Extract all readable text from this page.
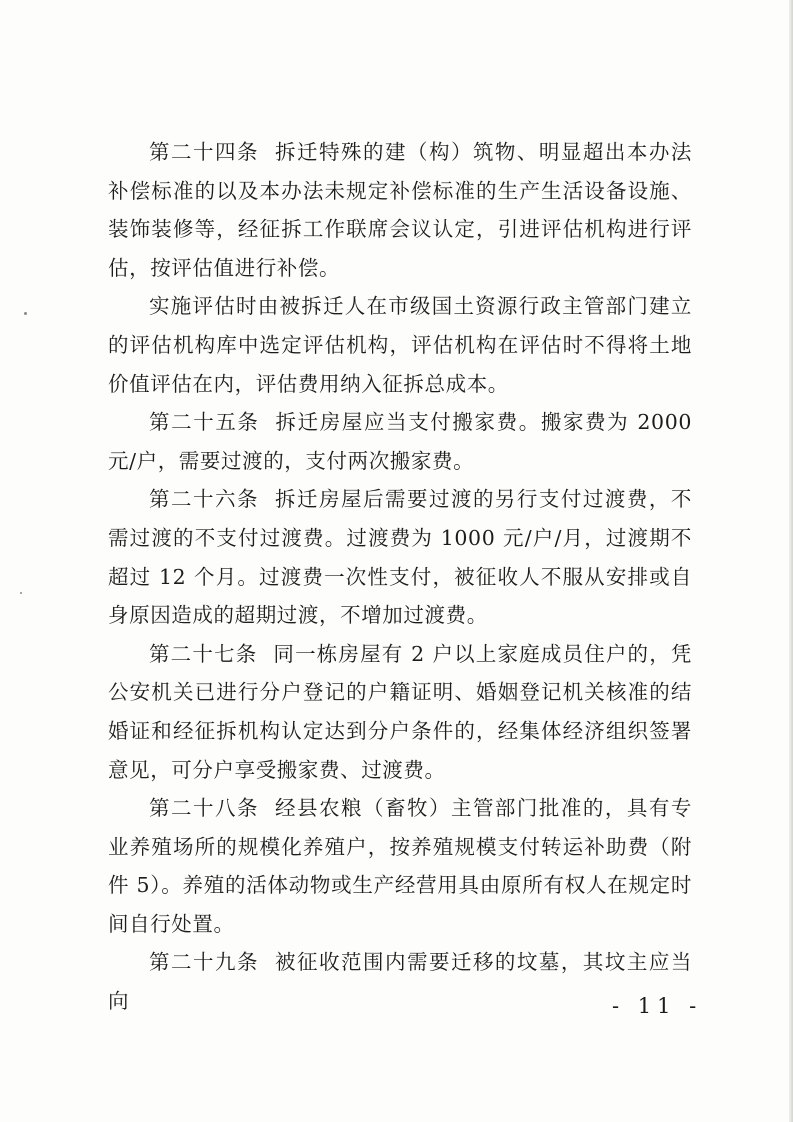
第二十四条 拆迁特殊的建（构）筑物、明显超出本办法补偿标准的以及本办法未规定补偿标准的生产生活设备设施、装饰装修等，经征拆工作联席会议认定，引进评估机构进行评估，按评估值进行补偿。

实施评估时由被拆迁人在市级国土资源行政主管部门建立的评估机构库中选定评估机构，评估机构在评估时不得将土地价值评估在内，评估费用纳入征拆总成本。

第二十五条 拆迁房屋应当支付搬家费。搬家费为 2000 元/户，需要过渡的，支付两次搬家费。

第二十六条 拆迁房屋后需要过渡的另行支付过渡费，不需过渡的不支付过渡费。过渡费为 1000 元/户/月，过渡期不超过 12 个月。过渡费一次性支付，被征收人不服从安排或自身原因造成的超期过渡，不增加过渡费。

第二十七条 同一栋房屋有 2 户以上家庭成员住户的，凭公安机关已进行分户登记的户籍证明、婚姻登记机关核准的结婚证和经征拆机构认定达到分户条件的，经集体经济组织签署意见，可分户享受搬家费、过渡费。

第二十八条 经县农粮（畜牧）主管部门批准的，具有专业养殖场所的规模化养殖户，按养殖规模支付转运补助费（附件 5）。养殖的活体动物或生产经营用具由原所有权人在规定时间自行处置。

第二十九条 被征收范围内需要迁移的坟墓，其坟主应当向	- 11 -
